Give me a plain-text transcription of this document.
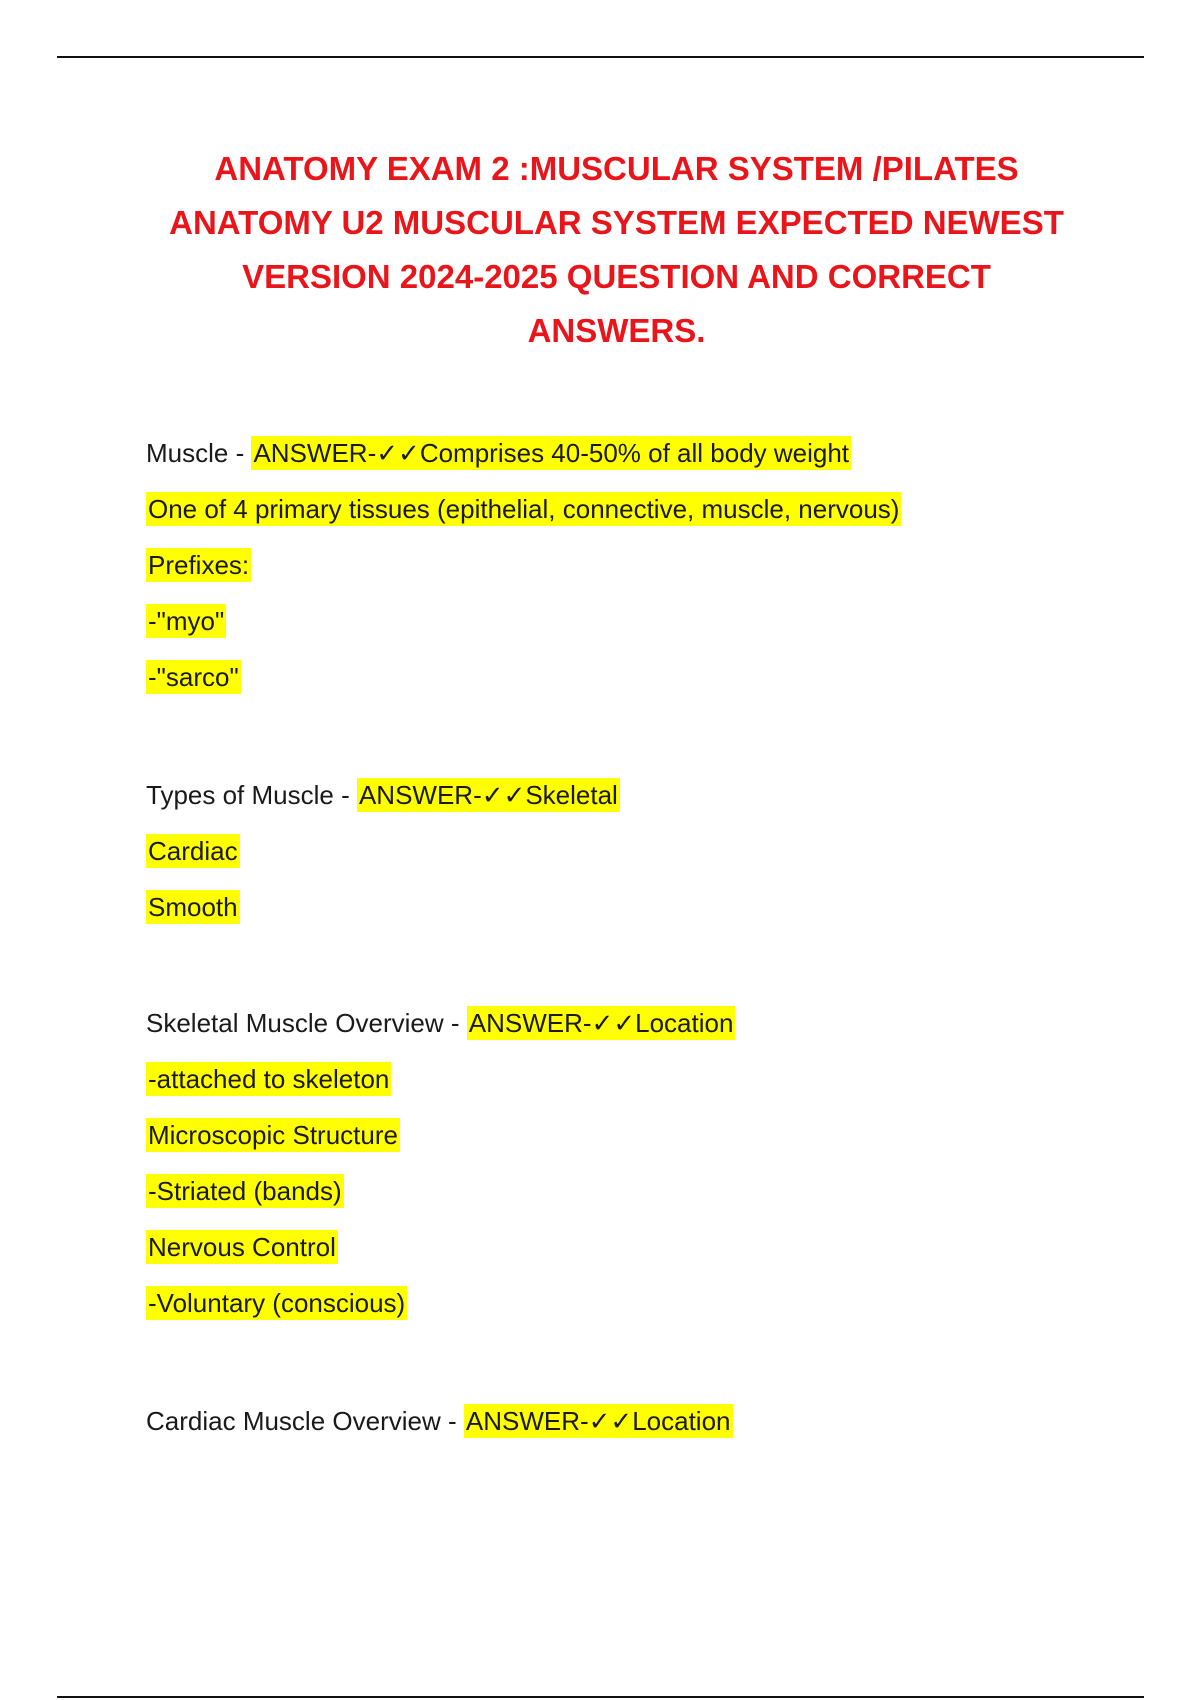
ANATOMY EXAM 2 :MUSCULAR SYSTEM /PILATES
ANATOMY U2 MUSCULAR SYSTEM EXPECTED NEWEST
VERSION 2024-2025 QUESTION AND CORRECT
ANSWERS.
Muscle - ANSWER-✓✓Comprises 40-50% of all body weight
One of 4 primary tissues (epithelial, connective, muscle, nervous)
Prefixes:
-"myo"
-"sarco"
Types of Muscle - ANSWER-✓✓Skeletal
Cardiac
Smooth
Skeletal Muscle Overview - ANSWER-✓✓Location
-attached to skeleton
Microscopic Structure
-Striated (bands)
Nervous Control
-Voluntary (conscious)
Cardiac Muscle Overview - ANSWER-✓✓Location
